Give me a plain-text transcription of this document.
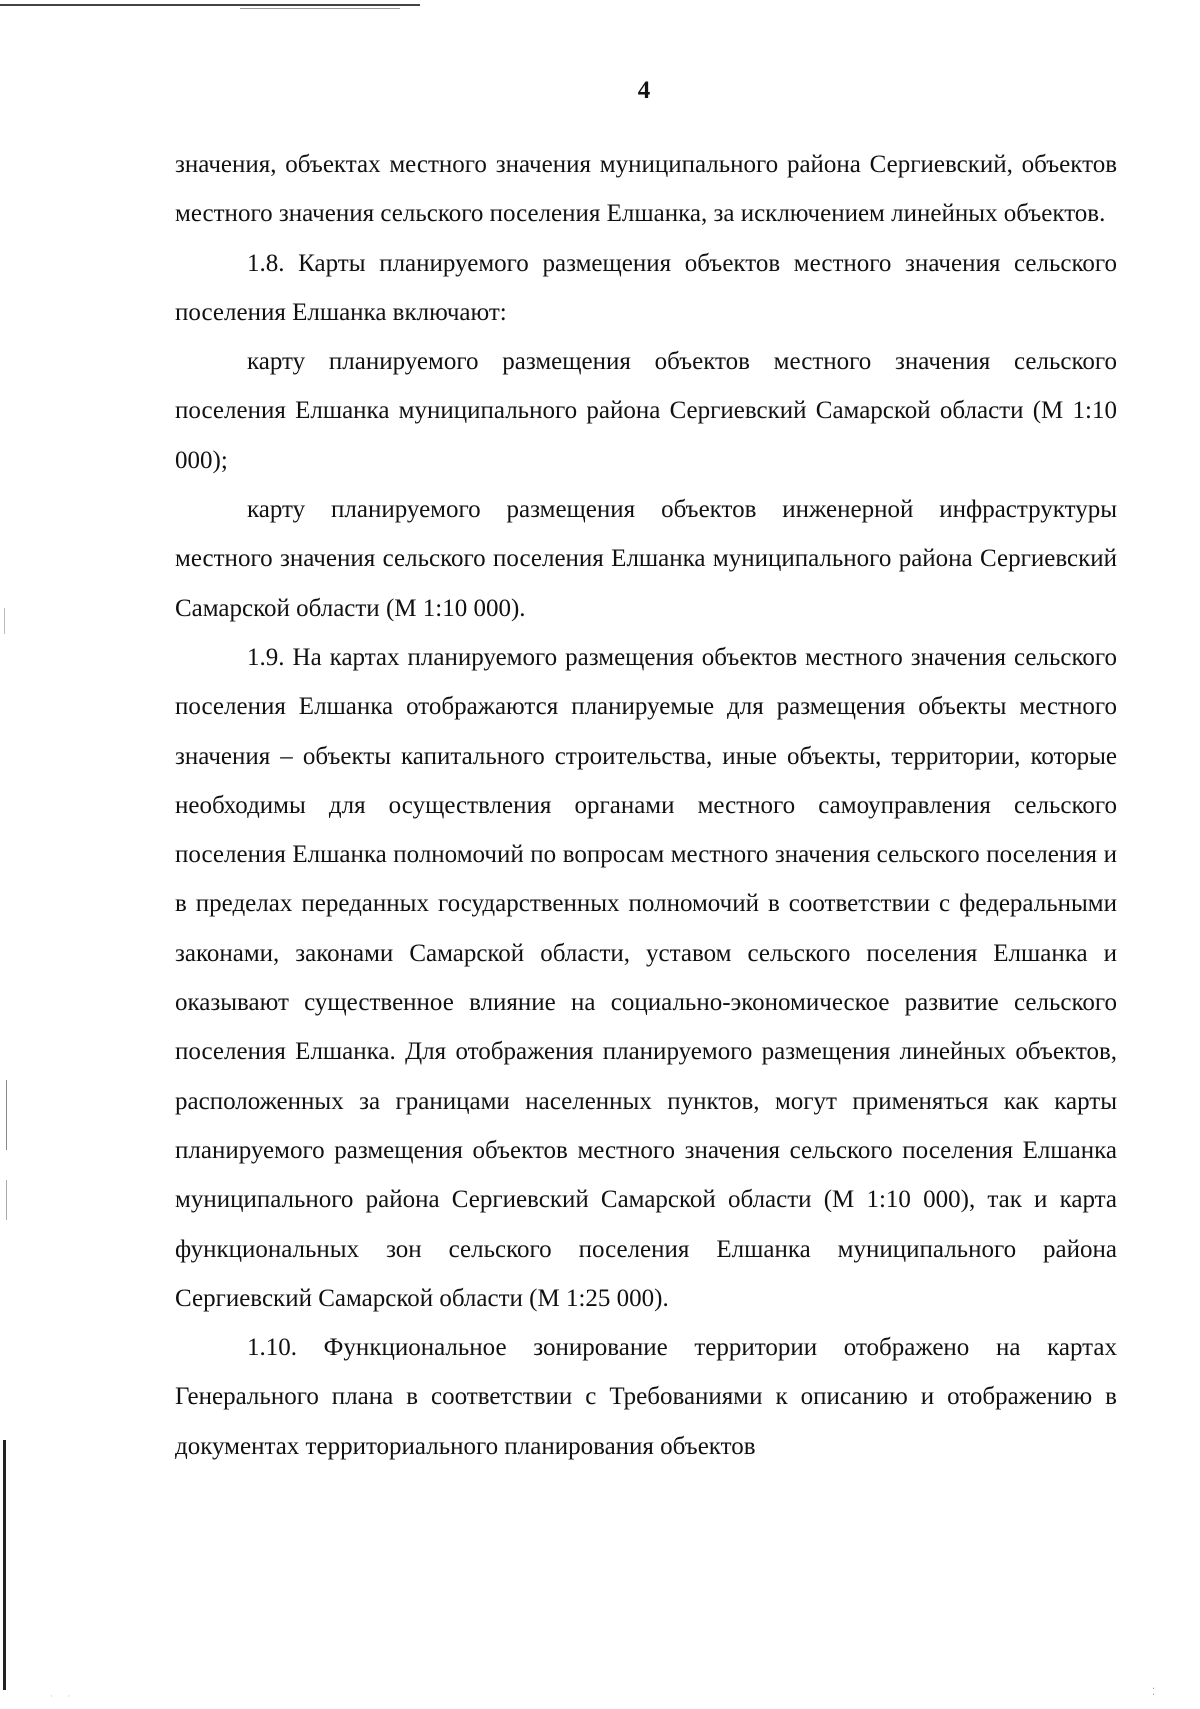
4

значения, объектах местного значения муниципального района Сергиевский, объектов местного значения сельского поселения Елшанка, за исключением линейных объектов.

1.8. Карты планируемого размещения объектов местного значения сельского поселения Елшанка включают:

карту планируемого размещения объектов местного значения сельского поселения Елшанка муниципального района Сергиевский Самарской области (М 1:10 000);

карту планируемого размещения объектов инженерной инфраструктуры местного значения сельского поселения Елшанка муниципального района Сергиевский Самарской области (М 1:10 000).

1.9. На картах планируемого размещения объектов местного значения сельского поселения Елшанка отображаются планируемые для размещения объекты местного значения – объекты капитального строительства, иные объекты, территории, которые необходимы для осуществления органами местного самоуправления сельского поселения Елшанка полномочий по вопросам местного значения сельского поселения и в пределах переданных государственных полномочий в соответствии с федеральными законами, законами Самарской области, уставом сельского поселения Елшанка и оказывают существенное влияние на социально-экономическое развитие сельского поселения Елшанка. Для отображения планируемого размещения линейных объектов, расположенных за границами населенных пунктов, могут применяться как карты планируемого размещения объектов местного значения сельского поселения Елшанка муниципального района Сергиевский Самарской области (М 1:10 000), так и карта функциональных зон сельского поселения Елшанка муниципального района Сергиевский Самарской области (М 1:25 000).

1.10. Функциональное зонирование территории отображено на картах Генерального плана в соответствии с Требованиями к описанию и отображению в документах территориального планирования объектов

⁚
· ·
